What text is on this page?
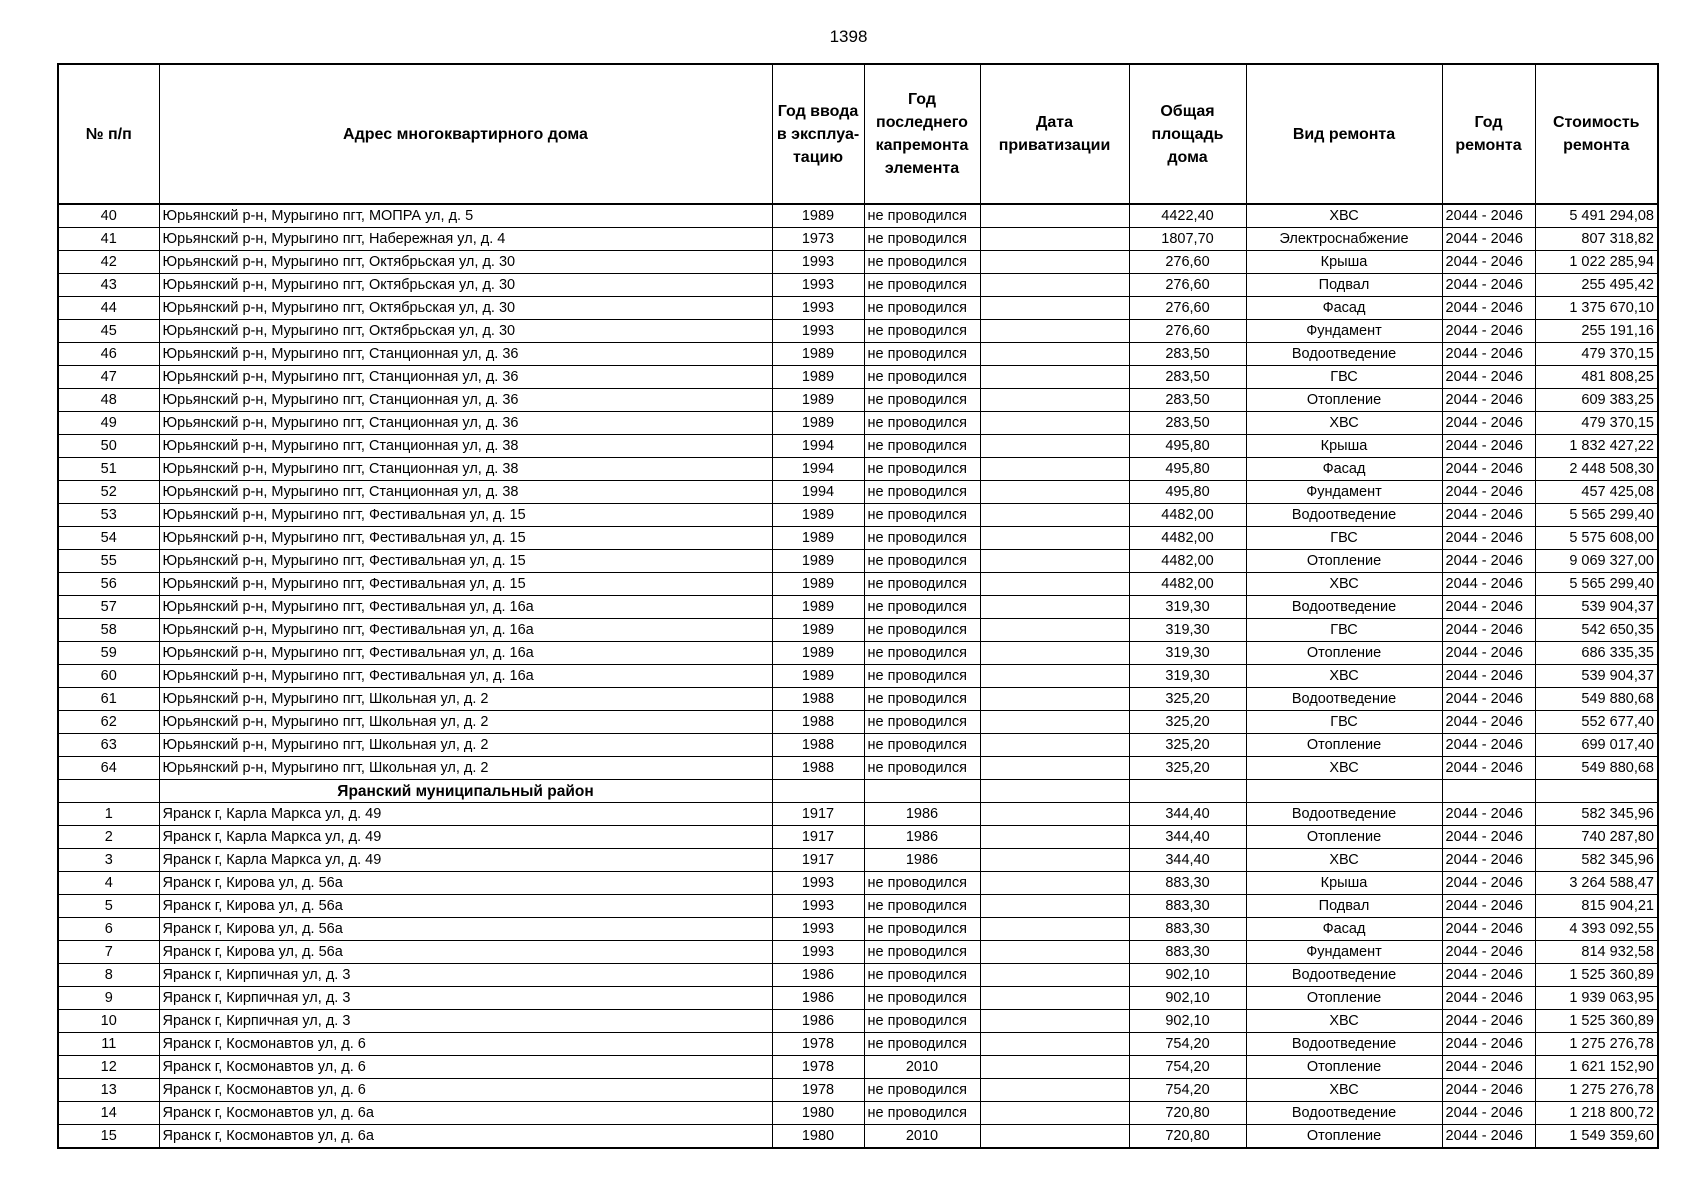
1398
№ п/п	Адрес многоквартирного дома	Год ввода в эксплуа-тацию	Год последнего капремонта элемента	Дата приватизации	Общая площадь дома	Вид ремонта	Год ремонта	Стоимость ремонта
40	Юрьянский р-н, Мурыгино пгт, МОПРА ул, д. 5	1989	не проводился		4422,40	ХВС	2044 - 2046	5 491 294,08
41	Юрьянский р-н, Мурыгино пгт, Набережная ул, д. 4	1973	не проводился		1807,70	Электроснабжение	2044 - 2046	807 318,82
42	Юрьянский р-н, Мурыгино пгт, Октябрьская ул, д. 30	1993	не проводился		276,60	Крыша	2044 - 2046	1 022 285,94
43	Юрьянский р-н, Мурыгино пгт, Октябрьская ул, д. 30	1993	не проводился		276,60	Подвал	2044 - 2046	255 495,42
44	Юрьянский р-н, Мурыгино пгт, Октябрьская ул, д. 30	1993	не проводился		276,60	Фасад	2044 - 2046	1 375 670,10
45	Юрьянский р-н, Мурыгино пгт, Октябрьская ул, д. 30	1993	не проводился		276,60	Фундамент	2044 - 2046	255 191,16
46	Юрьянский р-н, Мурыгино пгт, Станционная ул, д. 36	1989	не проводился		283,50	Водоотведение	2044 - 2046	479 370,15
47	Юрьянский р-н, Мурыгино пгт, Станционная ул, д. 36	1989	не проводился		283,50	ГВС	2044 - 2046	481 808,25
48	Юрьянский р-н, Мурыгино пгт, Станционная ул, д. 36	1989	не проводился		283,50	Отопление	2044 - 2046	609 383,25
49	Юрьянский р-н, Мурыгино пгт, Станционная ул, д. 36	1989	не проводился		283,50	ХВС	2044 - 2046	479 370,15
50	Юрьянский р-н, Мурыгино пгт, Станционная ул, д. 38	1994	не проводился		495,80	Крыша	2044 - 2046	1 832 427,22
51	Юрьянский р-н, Мурыгино пгт, Станционная ул, д. 38	1994	не проводился		495,80	Фасад	2044 - 2046	2 448 508,30
52	Юрьянский р-н, Мурыгино пгт, Станционная ул, д. 38	1994	не проводился		495,80	Фундамент	2044 - 2046	457 425,08
53	Юрьянский р-н, Мурыгино пгт, Фестивальная ул, д. 15	1989	не проводился		4482,00	Водоотведение	2044 - 2046	5 565 299,40
54	Юрьянский р-н, Мурыгино пгт, Фестивальная ул, д. 15	1989	не проводился		4482,00	ГВС	2044 - 2046	5 575 608,00
55	Юрьянский р-н, Мурыгино пгт, Фестивальная ул, д. 15	1989	не проводился		4482,00	Отопление	2044 - 2046	9 069 327,00
56	Юрьянский р-н, Мурыгино пгт, Фестивальная ул, д. 15	1989	не проводился		4482,00	ХВС	2044 - 2046	5 565 299,40
57	Юрьянский р-н, Мурыгино пгт, Фестивальная ул, д. 16а	1989	не проводился		319,30	Водоотведение	2044 - 2046	539 904,37
58	Юрьянский р-н, Мурыгино пгт, Фестивальная ул, д. 16а	1989	не проводился		319,30	ГВС	2044 - 2046	542 650,35
59	Юрьянский р-н, Мурыгино пгт, Фестивальная ул, д. 16а	1989	не проводился		319,30	Отопление	2044 - 2046	686 335,35
60	Юрьянский р-н, Мурыгино пгт, Фестивальная ул, д. 16а	1989	не проводился		319,30	ХВС	2044 - 2046	539 904,37
61	Юрьянский р-н, Мурыгино пгт, Школьная ул, д. 2	1988	не проводился		325,20	Водоотведение	2044 - 2046	549 880,68
62	Юрьянский р-н, Мурыгино пгт, Школьная ул, д. 2	1988	не проводился		325,20	ГВС	2044 - 2046	552 677,40
63	Юрьянский р-н, Мурыгино пгт, Школьная ул, д. 2	1988	не проводился		325,20	Отопление	2044 - 2046	699 017,40
64	Юрьянский р-н, Мурыгино пгт, Школьная ул, д. 2	1988	не проводился		325,20	ХВС	2044 - 2046	549 880,68
	Яранский муниципальный район							
1	Яранск г, Карла Маркса ул, д. 49	1917	1986		344,40	Водоотведение	2044 - 2046	582 345,96
2	Яранск г, Карла Маркса ул, д. 49	1917	1986		344,40	Отопление	2044 - 2046	740 287,80
3	Яранск г, Карла Маркса ул, д. 49	1917	1986		344,40	ХВС	2044 - 2046	582 345,96
4	Яранск г, Кирова ул, д. 56а	1993	не проводился		883,30	Крыша	2044 - 2046	3 264 588,47
5	Яранск г, Кирова ул, д. 56а	1993	не проводился		883,30	Подвал	2044 - 2046	815 904,21
6	Яранск г, Кирова ул, д. 56а	1993	не проводился		883,30	Фасад	2044 - 2046	4 393 092,55
7	Яранск г, Кирова ул, д. 56а	1993	не проводился		883,30	Фундамент	2044 - 2046	814 932,58
8	Яранск г, Кирпичная ул, д. 3	1986	не проводился		902,10	Водоотведение	2044 - 2046	1 525 360,89
9	Яранск г, Кирпичная ул, д. 3	1986	не проводился		902,10	Отопление	2044 - 2046	1 939 063,95
10	Яранск г, Кирпичная ул, д. 3	1986	не проводился		902,10	ХВС	2044 - 2046	1 525 360,89
11	Яранск г, Космонавтов ул, д. 6	1978	не проводился		754,20	Водоотведение	2044 - 2046	1 275 276,78
12	Яранск г, Космонавтов ул, д. 6	1978	2010		754,20	Отопление	2044 - 2046	1 621 152,90
13	Яранск г, Космонавтов ул, д. 6	1978	не проводился		754,20	ХВС	2044 - 2046	1 275 276,78
14	Яранск г, Космонавтов ул, д. 6а	1980	не проводился		720,80	Водоотведение	2044 - 2046	1 218 800,72
15	Яранск г, Космонавтов ул, д. 6а	1980	2010		720,80	Отопление	2044 - 2046	1 549 359,60
